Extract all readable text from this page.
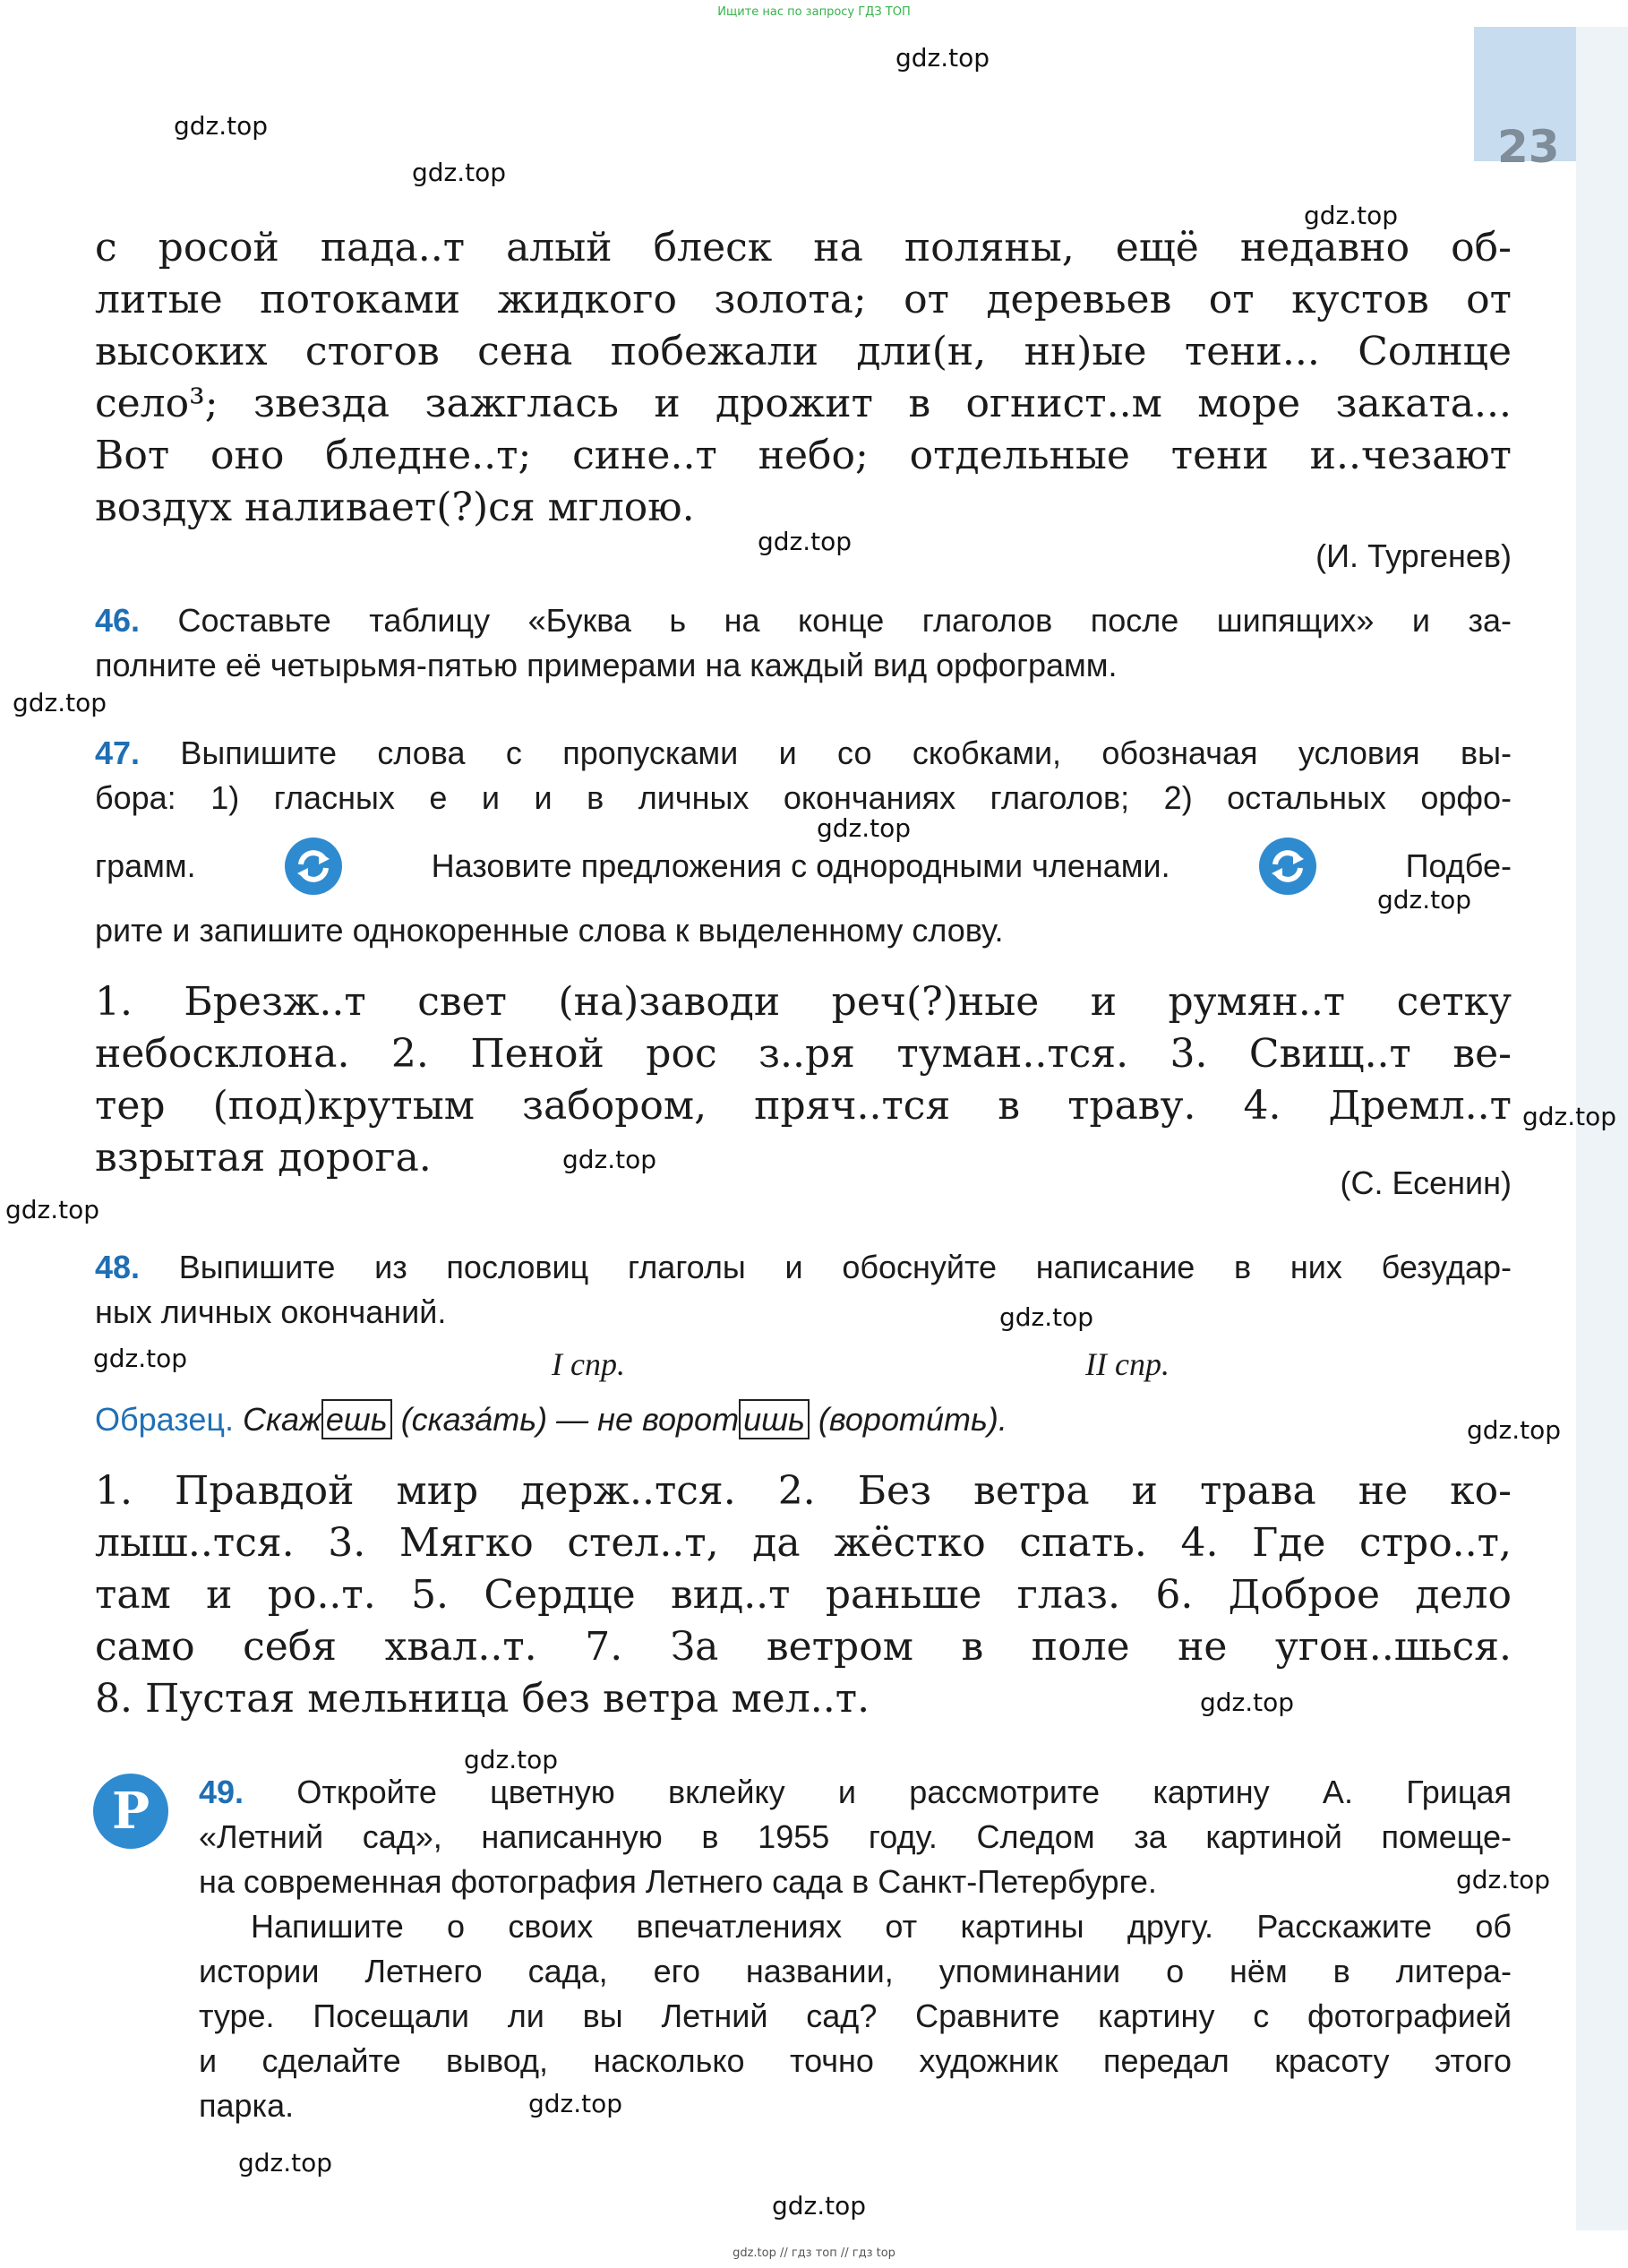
Ищите нас по запросу ГДЗ ТОП
23
gdz.top
gdz.top
gdz.top
gdz.top
gdz.top
gdz.top
gdz.top
gdz.top
gdz.top
gdz.top
gdz.top
gdz.top
gdz.top
gdz.top
gdz.top
gdz.top
gdz.top
gdz.top
gdz.top
gdz.top
с росой пада..т алый блеск на поляны, ещё недавно об-
литые потоками жидкого золота; от деревьев от кустов от
высоких стогов сена побежали дли(н, нн)ые тени... Солнце
село³; звезда зажглась и дрожит в огнист..м море заката...
Вот оно бледне..т; сине..т небо; отдельные тени и..чезают
воздух наливает(?)ся мглою.
(И. Тургенев)
46. Составьте таблицу «Буква ь на конце глаголов после шипящих» и за-
полните её четырьмя-пятью примерами на каждый вид орфограмм.
47. Выпишите слова с пропусками и со скобками, обозначая условия вы-
бора: 1) гласных е и и в личных окончаниях глаголов; 2) остальных орфо-
грамм.	Назовите предложения с однородными членами.	Подбе-
рите и запишите однокоренные слова к выделенному слову.
1. Брезж..т свет (на)заводи реч(?)ные и румян..т сетку
небосклона. 2. Пеной рос з..ря туман..тся. 3. Свищ..т ве-
тер (под)крутым забором, пряч..тся в траву. 4. Дремл..т
взрытая дорога.
(С. Есенин)
48. Выпишите из пословиц глаголы и обоснуйте написание в них безудар-
ных личных окончаний.
I спр.	II спр.
Образец. Скаж ешь (сказа́ть) — не ворот ишь (вороти́ть).
1. Правдой мир держ..тся. 2. Без ветра и трава не ко-
лыш..тся. 3. Мягко стел..т, да жёстко спать. 4. Где стро..т,
там и ро..т. 5. Сердце вид..т раньше глаз. 6. Доброе дело
само себя хвал..т. 7. За ветром в поле не угон..шься.
8. Пустая мельница без ветра мел..т.
Р	49. Откройте цветную вклейку и рассмотрите картину А. Грицая
«Летний сад», написанную в 1955 году. Следом за картиной помеще-
на современная фотография Летнего сада в Санкт-Петербурге.
Напишите о своих впечатлениях от картины другу. Расскажите об
истории Летнего сада, его названии, упоминании о нём в литера-
туре. Посещали ли вы Летний сад? Сравните картину с фотографией
и сделайте вывод, насколько точно художник передал красоту этого
парка.
gdz.top // гдз топ // гдз top
